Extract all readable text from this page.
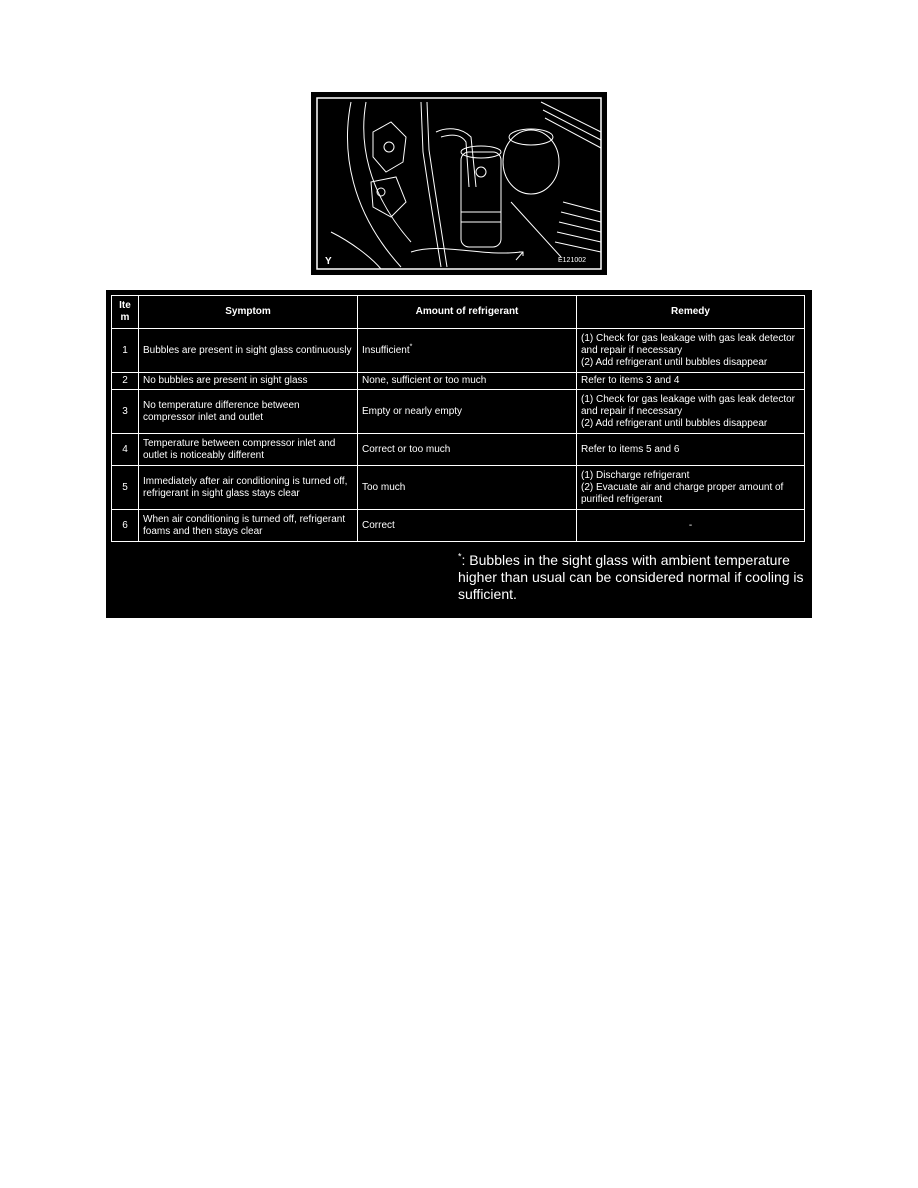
Y	E121002
Ite m	Symptom	Amount of refrigerant	Remedy
1	Bubbles are present in sight glass continuously	Insufficient*	(1) Check for gas leakage with gas leak detector and repair if necessary
(2) Add refrigerant until bubbles disappear

2	No bubbles are present in sight glass	None, sufficient or too much	Refer to items 3 and 4
3	No temperature difference between compressor inlet and outlet	Empty or nearly empty	(1) Check for gas leakage with gas leak detector and repair if necessary
(2) Add refrigerant until bubbles disappear

4	Temperature between compressor inlet and outlet is noticeably different	Correct or too much	Refer to items 5 and 6
5	Immediately after air conditioning is turned off, refrigerant in sight glass stays clear	Too much	(1) Discharge refrigerant
(2) Evacuate air and charge proper amount of purified refrigerant

6	When air conditioning is turned off, refrigerant foams and then stays clear	Correct	-
*: Bubbles in the sight glass with ambient temperature higher than usual can be considered normal if cooling is sufficient.
